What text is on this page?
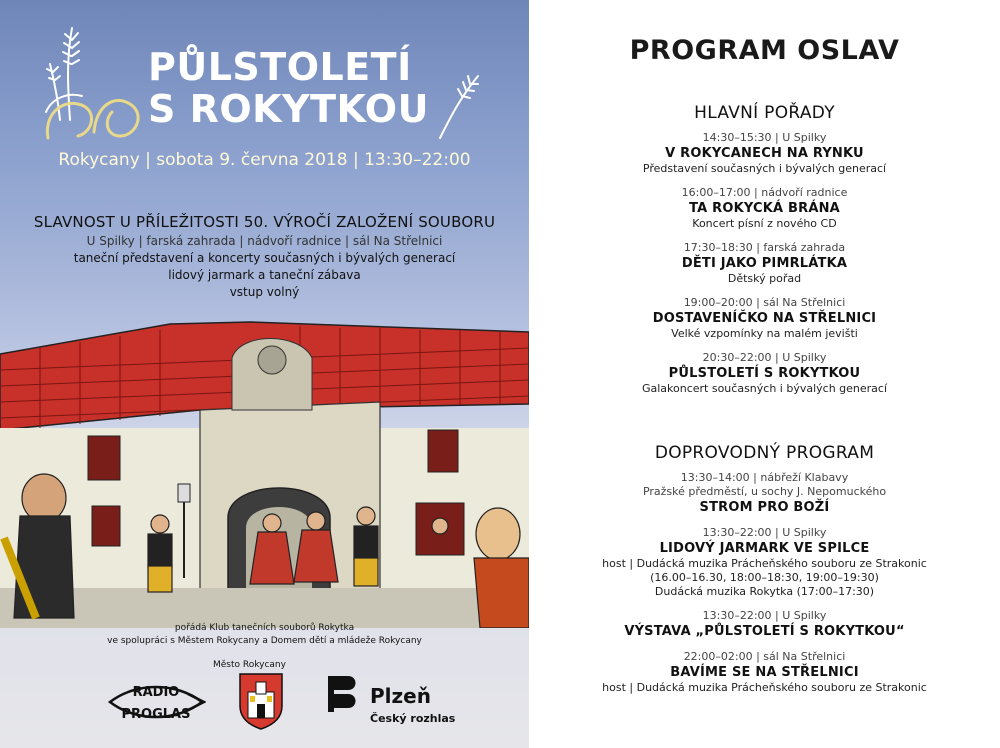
PŮLSTOLETÍ
S ROKYTKOU
Rokycany | sobota 9. června 2018 | 13:30–22:00
SLAVNOST U PŘÍLEŽITOSTI 50. VÝROČÍ ZALOŽENÍ SOUBORU
U Spilky | farská zahrada | nádvoří radnice | sál Na Střelnici
taneční představení a koncerty současných i bývalých generací
lidový jarmark a taneční zábava
vstup volný
pořádá Klub tanečních souborů Rokytka
ve spolupráci s Městem Rokycany a Domem dětí a mládeže Rokycany
Město Rokycany
RADIO
PROGLAS
Plzeň
Český rozhlas
PROGRAM OSLAV
HLAVNÍ POŘADY
14:30–15:30 | U Spilky
V ROKYCANECH NA RYNKU
Představení současných i bývalých generací
16:00–17:00 | nádvoří radnice
TA ROKYCKÁ BRÁNA
Koncert písní z nového CD
17:30–18:30 | farská zahrada
DĚTI JAKO PIMRLÁTKA
Dětský pořad
19:00–20:00 | sál Na Střelnici
DOSTAVENÍČKO NA STŘELNICI
Velké vzpomínky na malém jevišti
20:30–22:00 | U Spilky
PŮLSTOLETÍ S ROKYTKOU
Galakoncert současných i bývalých generací
DOPROVODNÝ PROGRAM
13:30–14:00 | nábřeží Klabavy
Pražské předměstí, u sochy J. Nepomuckého
STROM PRO BOŽÍ
13:30–22:00 | U Spilky
LIDOVÝ JARMARK VE SPILCE
host | Dudácká muzika Prácheňského souboru ze Strakonic
(16.00–16.30, 18:00–18:30, 19:00–19:30)
Dudácká muzika Rokytka (17:00–17:30)
13:30–22:00 | U Spilky
VÝSTAVA „PŮLSTOLETÍ S ROKYTKOU“
22:00–02:00 | sál Na Střelnici
BAVÍME SE NA STŘELNICI
host | Dudácká muzika Prácheňského souboru ze Strakonic
